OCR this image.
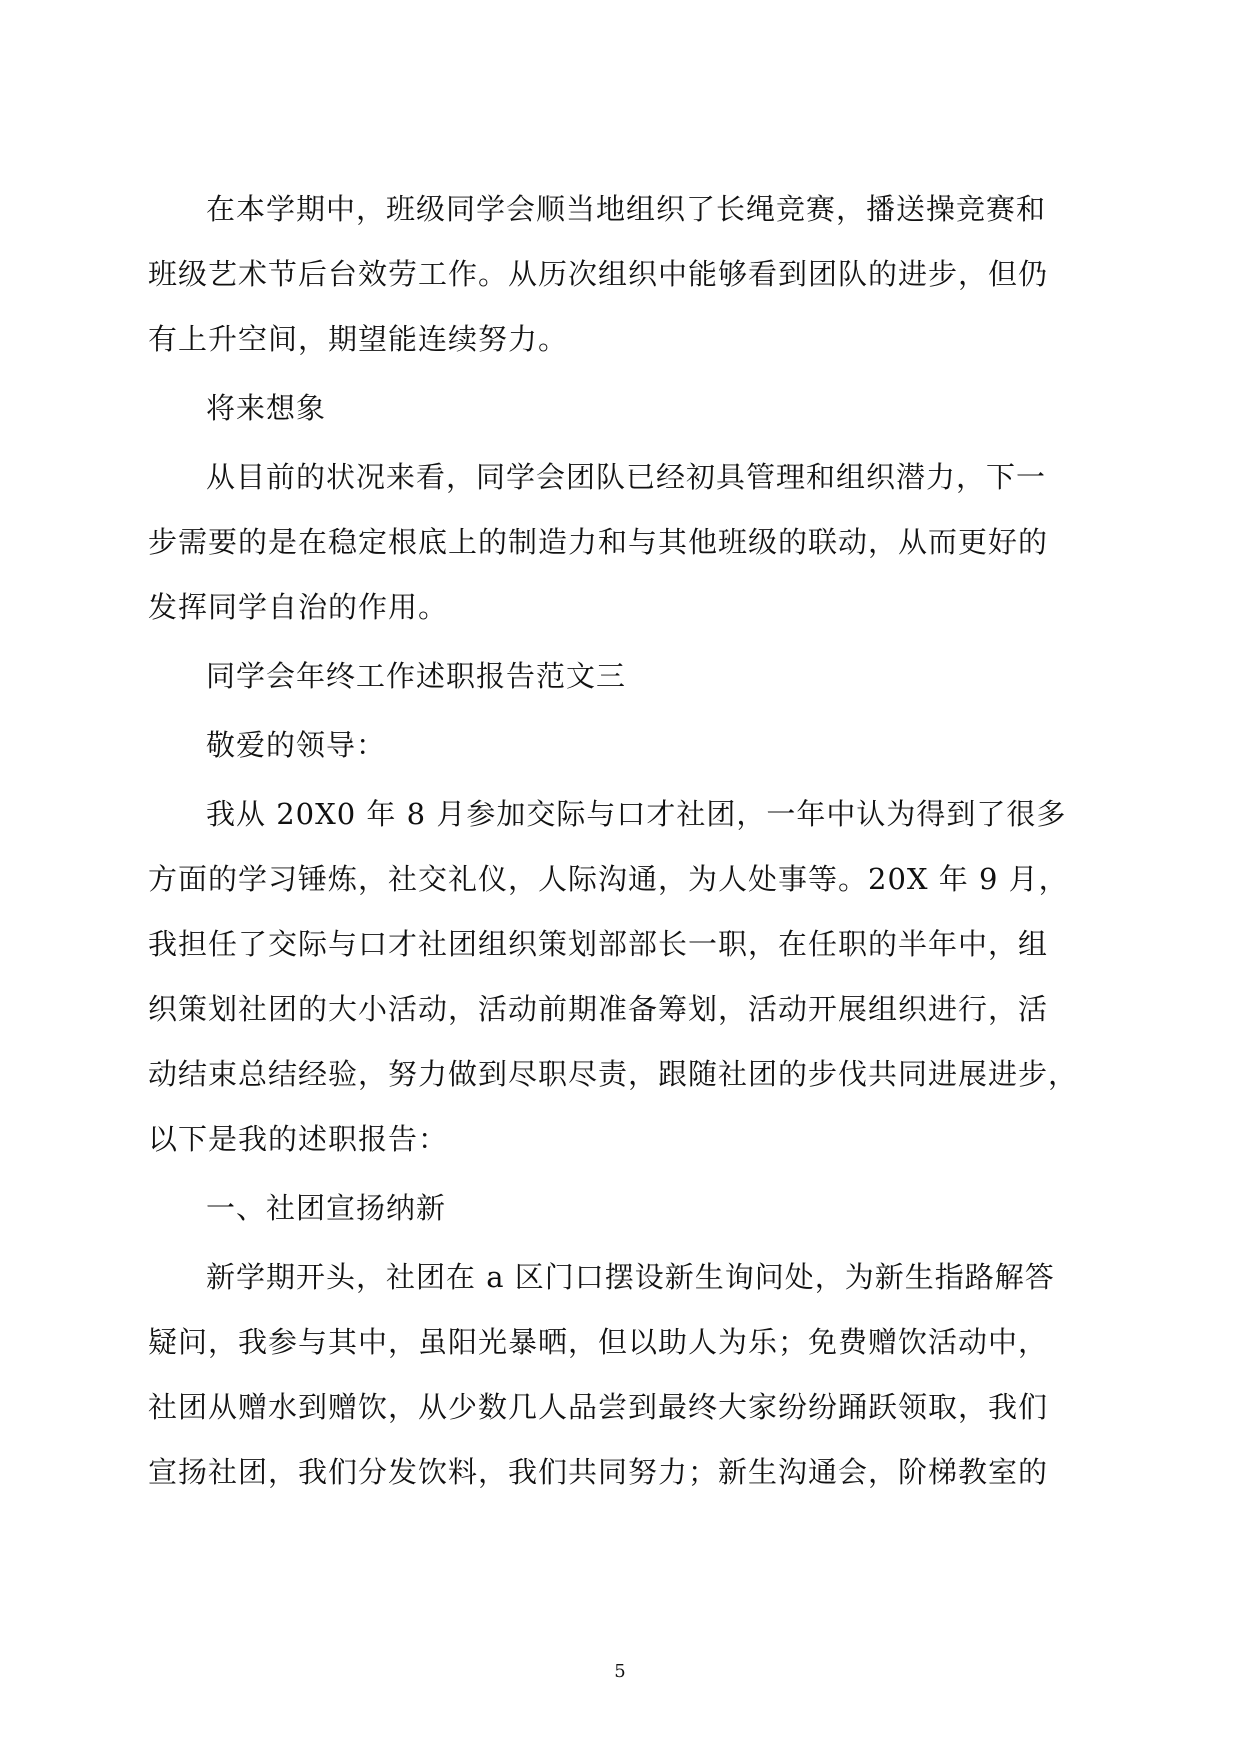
在本学期中，班级同学会顺当地组织了长绳竞赛，播送操竞赛和
班级艺术节后台效劳工作。从历次组织中能够看到团队的进步，但仍
有上升空间，期望能连续努力。

将来想象

从目前的状况来看，同学会团队已经初具管理和组织潜力，下一
步需要的是在稳定根底上的制造力和与其他班级的联动，从而更好的
发挥同学自治的作用。

同学会年终工作述职报告范文三

敬爱的领导：

我从 20X0 年 8 月参加交际与口才社团，一年中认为得到了很多
方面的学习锤炼，社交礼仪，人际沟通，为人处事等。20X 年 9 月，
我担任了交际与口才社团组织策划部部长一职，在任职的半年中，组
织策划社团的大小活动，活动前期准备筹划，活动开展组织进行，活
动结束总结经验，努力做到尽职尽责，跟随社团的步伐共同进展进步，
以下是我的述职报告：

一、社团宣扬纳新

新学期开头，社团在 a 区门口摆设新生询问处，为新生指路解答
疑问，我参与其中，虽阳光暴晒，但以助人为乐；免费赠饮活动中，
社团从赠水到赠饮，从少数几人品尝到最终大家纷纷踊跃领取，我们
宣扬社团，我们分发饮料，我们共同努力；新生沟通会，阶梯教室的

5
